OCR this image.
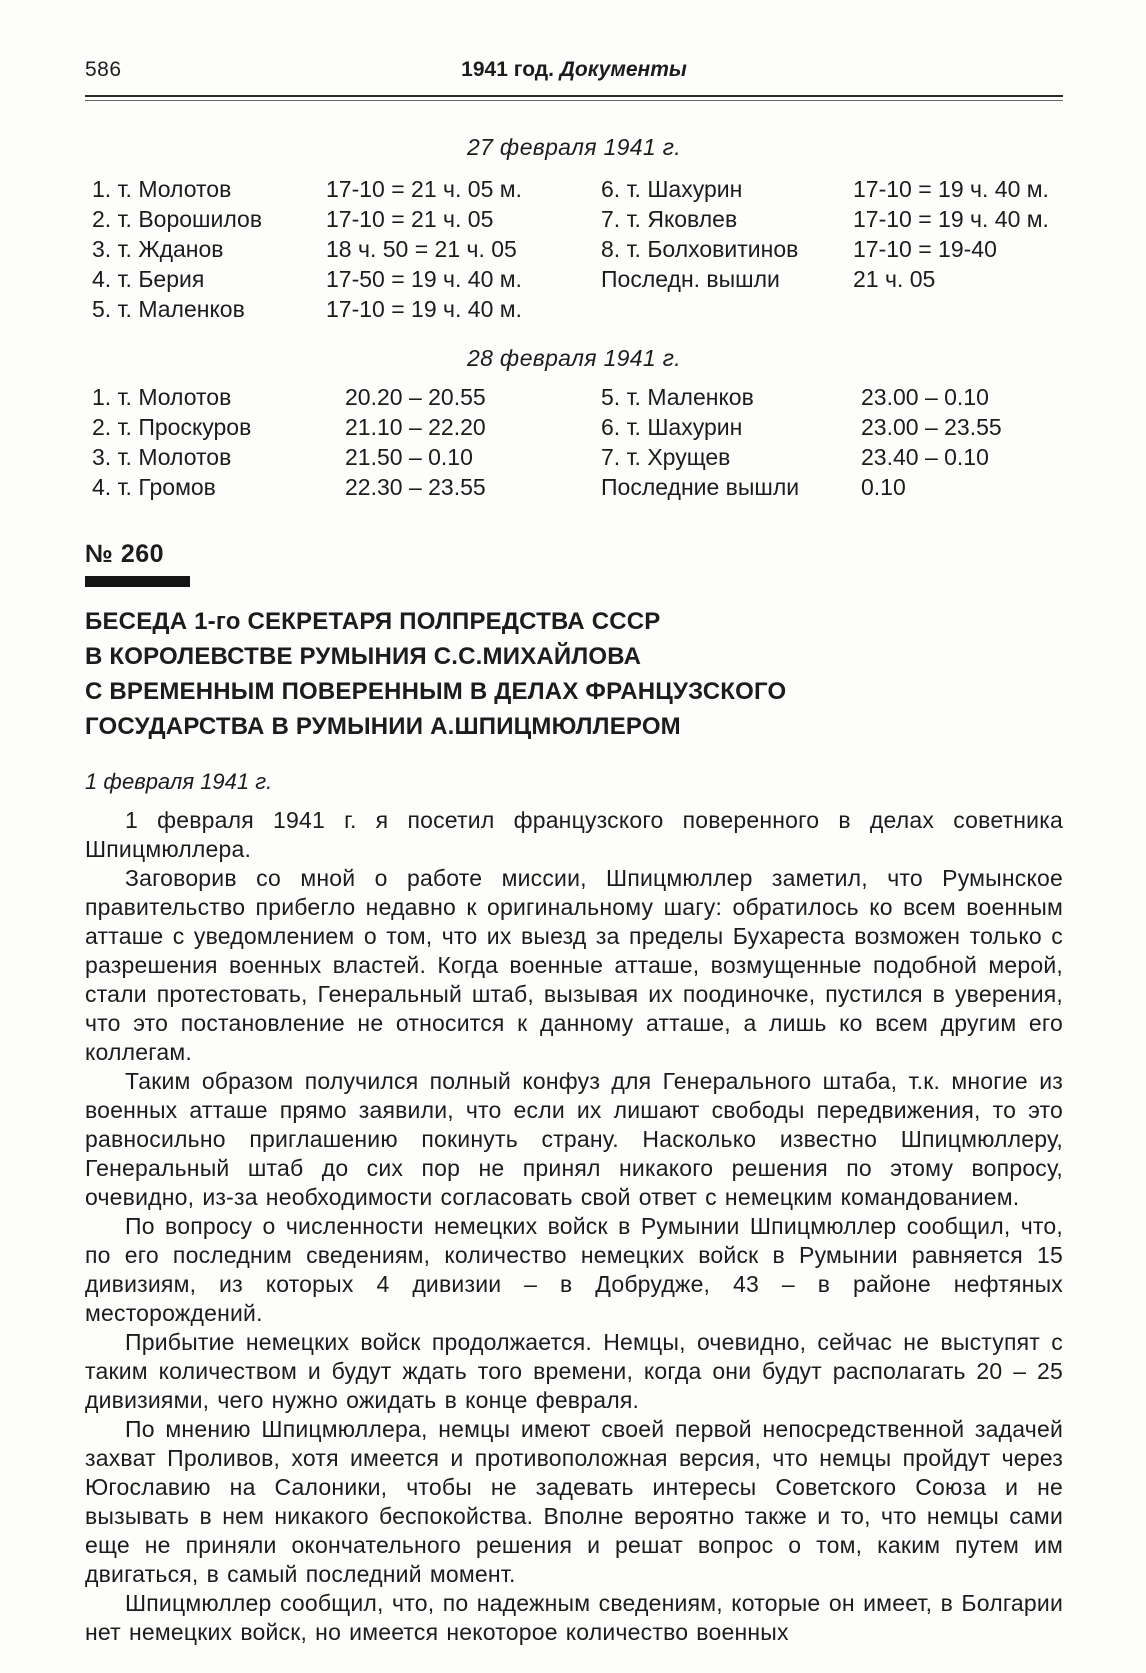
586	1941 год. Документы
27 февраля 1941 г.
1. т. Молотов	17-10 = 21 ч. 05 м.
2. т. Ворошилов	17-10 = 21 ч. 05
3. т. Жданов	18 ч. 50 = 21 ч. 05
4. т. Берия	17-50 = 19 ч. 40 м.
5. т. Маленков	17-10 = 19 ч. 40 м.
6. т. Шахурин	17-10 = 19 ч. 40 м.
7. т. Яковлев	17-10 = 19 ч. 40 м.
8. т. Болховитинов	17-10 = 19-40
Последн. вышли	21 ч. 05
28 февраля 1941 г.
1. т. Молотов	20.20 – 20.55
2. т. Проскуров	21.10 – 22.20
3. т. Молотов	21.50 – 0.10
4. т. Громов	22.30 – 23.55
5. т. Маленков	23.00 – 0.10
6. т. Шахурин	23.00 – 23.55
7. т. Хрущев	23.40 – 0.10
Последние вышли	0.10
№ 260
БЕСЕДА 1-го СЕКРЕТАРЯ ПОЛПРЕДСТВА СССР
В КОРОЛЕВСТВЕ РУМЫНИЯ С.С.МИХАЙЛОВА
С ВРЕМЕННЫМ ПОВЕРЕННЫМ В ДЕЛАХ ФРАНЦУЗСКОГО
ГОСУДАРСТВА В РУМЫНИИ А.ШПИЦМЮЛЛЕРОМ
1 февраля 1941 г.

1 февраля 1941 г. я посетил французского поверенного в делах советника Шпицмюллера.

Заговорив со мной о работе миссии, Шпицмюллер заметил, что Румынское правительство прибегло недавно к оригинальному шагу: обратилось ко всем военным атташе с уведомлением о том, что их выезд за пределы Бухареста возможен только с разрешения военных властей. Когда военные атташе, возмущенные подобной мерой, стали протестовать, Генеральный штаб, вызывая их поодиночке, пустился в уверения, что это постановление не относится к данному атташе, а лишь ко всем другим его коллегам.

Таким образом получился полный конфуз для Генерального штаба, т.к. многие из военных атташе прямо заявили, что если их лишают свободы передвижения, то это равносильно приглашению покинуть страну. Насколько известно Шпицмюллеру, Генеральный штаб до сих пор не принял никакого решения по этому вопросу, очевидно, из-за необходимости согласовать свой ответ с немецким командованием.

По вопросу о численности немецких войск в Румынии Шпицмюллер сообщил, что, по его последним сведениям, количество немецких войск в Румынии равняется 15 дивизиям, из которых 4 дивизии – в Добрудже, 43 – в районе нефтяных месторождений.

Прибытие немецких войск продолжается. Немцы, очевидно, сейчас не выступят с таким количеством и будут ждать того времени, когда они будут располагать 20 – 25 дивизиями, чего нужно ожидать в конце февраля.

По мнению Шпицмюллера, немцы имеют своей первой непосредственной задачей захват Проливов, хотя имеется и противоположная версия, что немцы пройдут через Югославию на Салоники, чтобы не задевать интересы Советского Союза и не вызывать в нем никакого беспокойства. Вполне вероятно также и то, что немцы сами еще не приняли окончательного решения и решат вопрос о том, каким путем им двигаться, в самый последний момент.

Шпицмюллер сообщил, что, по надежным сведениям, которые он имеет, в Болгарии нет немецких войск, но имеется некоторое количество военных
